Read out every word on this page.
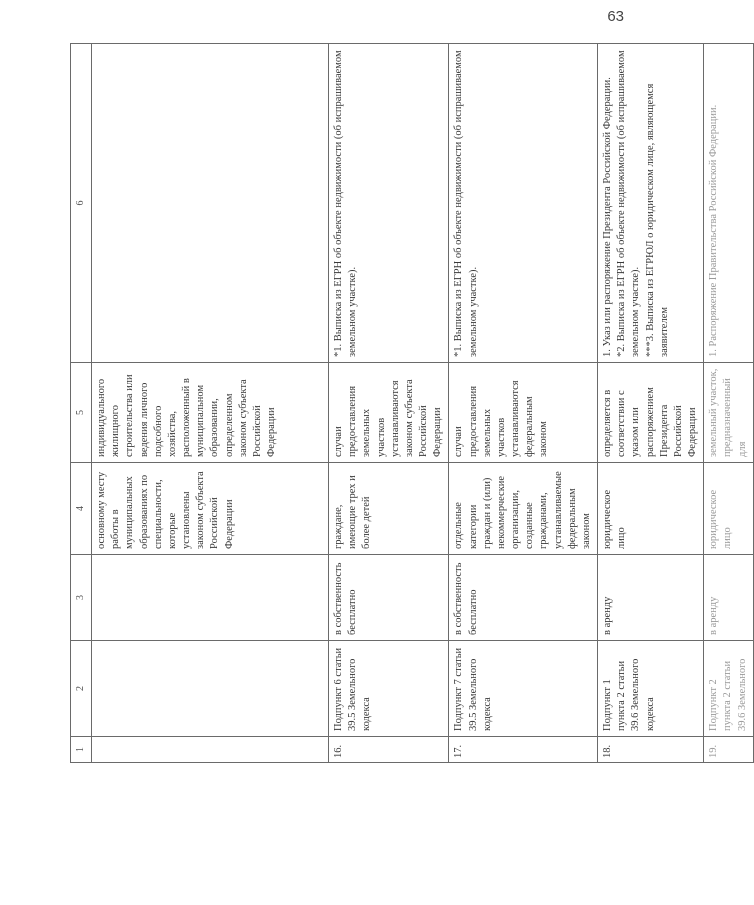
63
1	2	3	4	5	6
			основному месту работы в муниципальных образованиях по специальности, которые установлены законом субъекта Российской Федерации	индивидуального жилищного строительства или ведения личного подсобного хозяйства, расположенный в муниципальном образовании, определенном законом субъекта Российской Федерации	
16.	Подпункт 6 статьи 39.5 Земельного кодекса	в собственность бесплатно	граждане, имеющие трех и более детей	случаи предоставления земельных участков устанавливаются законом субъекта Российской Федерации	*1. Выписка из ЕГРН об объекте недвижимости (об испрашиваемом земельном участке).
17.	Подпункт 7 статьи 39.5 Земельного кодекса	в собственность бесплатно	отдельные категории граждан и (или) некоммерческие организации, созданные гражданами, устанавливаемые федеральным законом	случаи предоставления земельных участков устанавливаются федеральным законом	*1. Выписка из ЕГРН об объекте недвижимости (об испрашиваемом земельном участке).
18.	Подпункт 1 пункта 2 статьи 39.6 Земельного кодекса	в аренду	юридическое лицо	определяется в соответствии с указом или распоряжением Президента Российской Федерации	1. Указ или распоряжение Президента Российской Федерации. *2. Выписка из ЕГРН об объекте недвижимости (об испрашиваемом земельном участке). ***3. Выписка из ЕГРЮЛ о юридическом лице, являющемся заявителем

19.	Подпункт 2 пункта 2 статьи 39.6 Земельного	в аренду	юридическое лицо	земельный участок, предназначенный для	1. Распоряжение Правительства Российской Федерации.
